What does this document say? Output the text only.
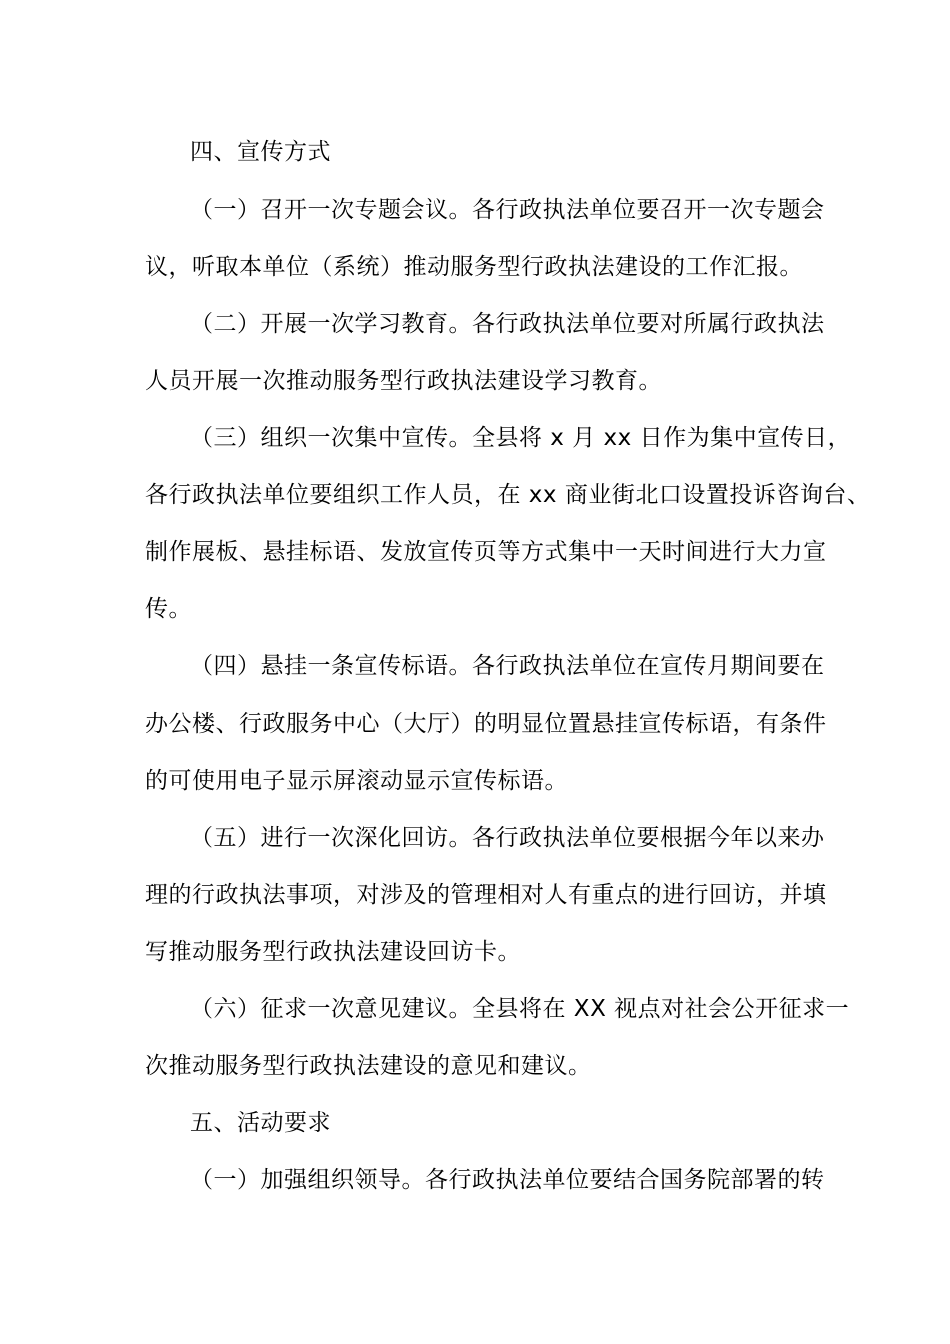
四、宣传方式
（一）召开一次专题会议。各行政执法单位要召开一次专题会
议，听取本单位（系统）推动服务型行政执法建设的工作汇报。
（二）开展一次学习教育。各行政执法单位要对所属行政执法
人员开展一次推动服务型行政执法建设学习教育。
（三）组织一次集中宣传。全县将 x 月 xx 日作为集中宣传日，
各行政执法单位要组织工作人员，在 xx 商业街北口设置投诉咨询台、
制作展板、悬挂标语、发放宣传页等方式集中一天时间进行大力宣
传。
（四）悬挂一条宣传标语。各行政执法单位在宣传月期间要在
办公楼、行政服务中心（大厅）的明显位置悬挂宣传标语，有条件
的可使用电子显示屏滚动显示宣传标语。
（五）进行一次深化回访。各行政执法单位要根据今年以来办
理的行政执法事项，对涉及的管理相对人有重点的进行回访，并填
写推动服务型行政执法建设回访卡。
（六）征求一次意见建议。全县将在 XX 视点对社会公开征求一
次推动服务型行政执法建设的意见和建议。
五、活动要求
（一）加强组织领导。各行政执法单位要结合国务院部署的转
